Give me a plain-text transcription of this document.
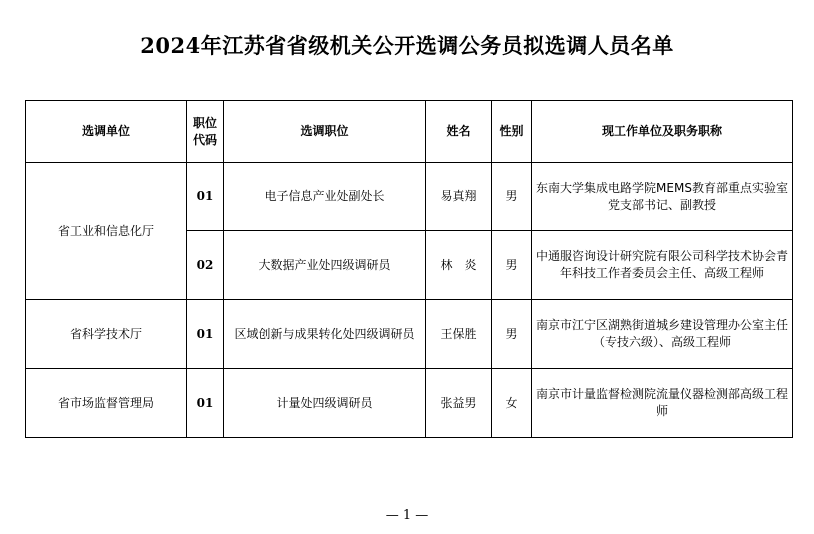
2024年江苏省省级机关公开选调公务员拟选调人员名单
选调单位	职位代码	选调职位	姓名	性别	现工作单位及职务职称
省工业和信息化厅	01	电子信息产业处副处长	易真翔	男	东南大学集成电路学院MEMS教育部重点实验室党支部书记、副教授
	02	大数据产业处四级调研员	林　炎	男	中通服咨询设计研究院有限公司科学技术协会青年科技工作者委员会主任、高级工程师
省科学技术厅	01	区域创新与成果转化处四级调研员	王保胜	男	南京市江宁区湖熟街道城乡建设管理办公室主任（专技六级）、高级工程师
省市场监督管理局	01	计量处四级调研员	张益男	女	南京市计量监督检测院流量仪器检测部高级工程师
— 1 —
